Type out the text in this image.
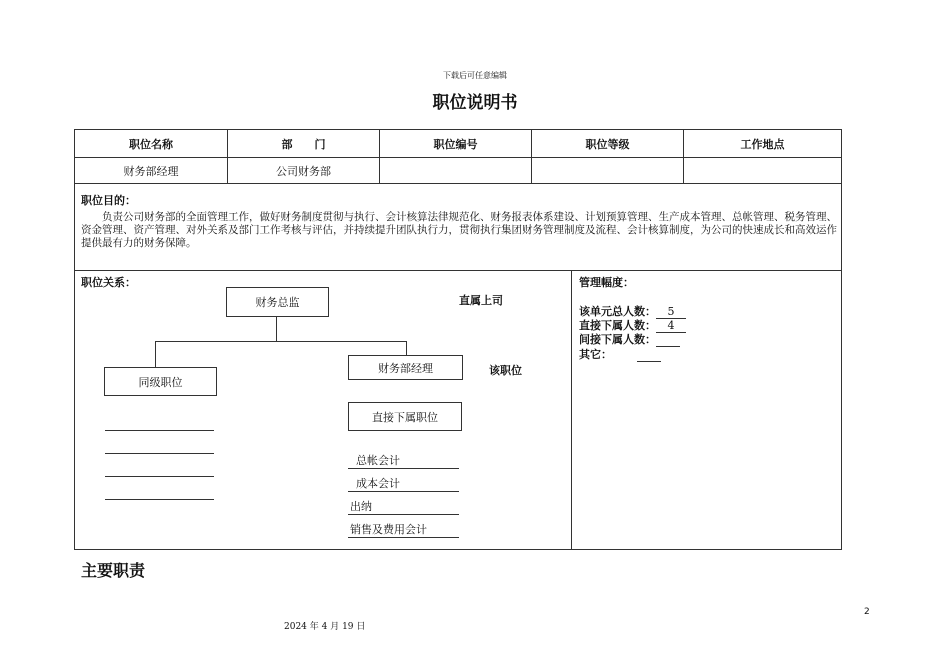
下载后可任意编辑
职位说明书
职位名称	部　　门	职位编号	职位等级	工作地点
财务部经理	公司财务部
职位目的：
负责公司财务部的全面管理工作，做好财务制度贯彻与执行、会计核算法律规范化、财务报表体系建设、计划预算管理、生产成本管理、总帐管理、税务管理、资金管理、资产管理、对外关系及部门工作考核与评估，并持续提升团队执行力，贯彻执行集团财务管理制度及流程、会计核算制度，为公司的快速成长和高效运作提供最有力的财务保障。
职位关系：
财务总监	直属上司
同级职位
财务部经理	该职位
直接下属职位
总帐会计
成本会计
出纳
销售及费用会计
管理幅度：
该单元总人数： 5
直接下属人数： 4
间接下属人数：
其它：
主要职责
2
2024 年 4 月 19 日
